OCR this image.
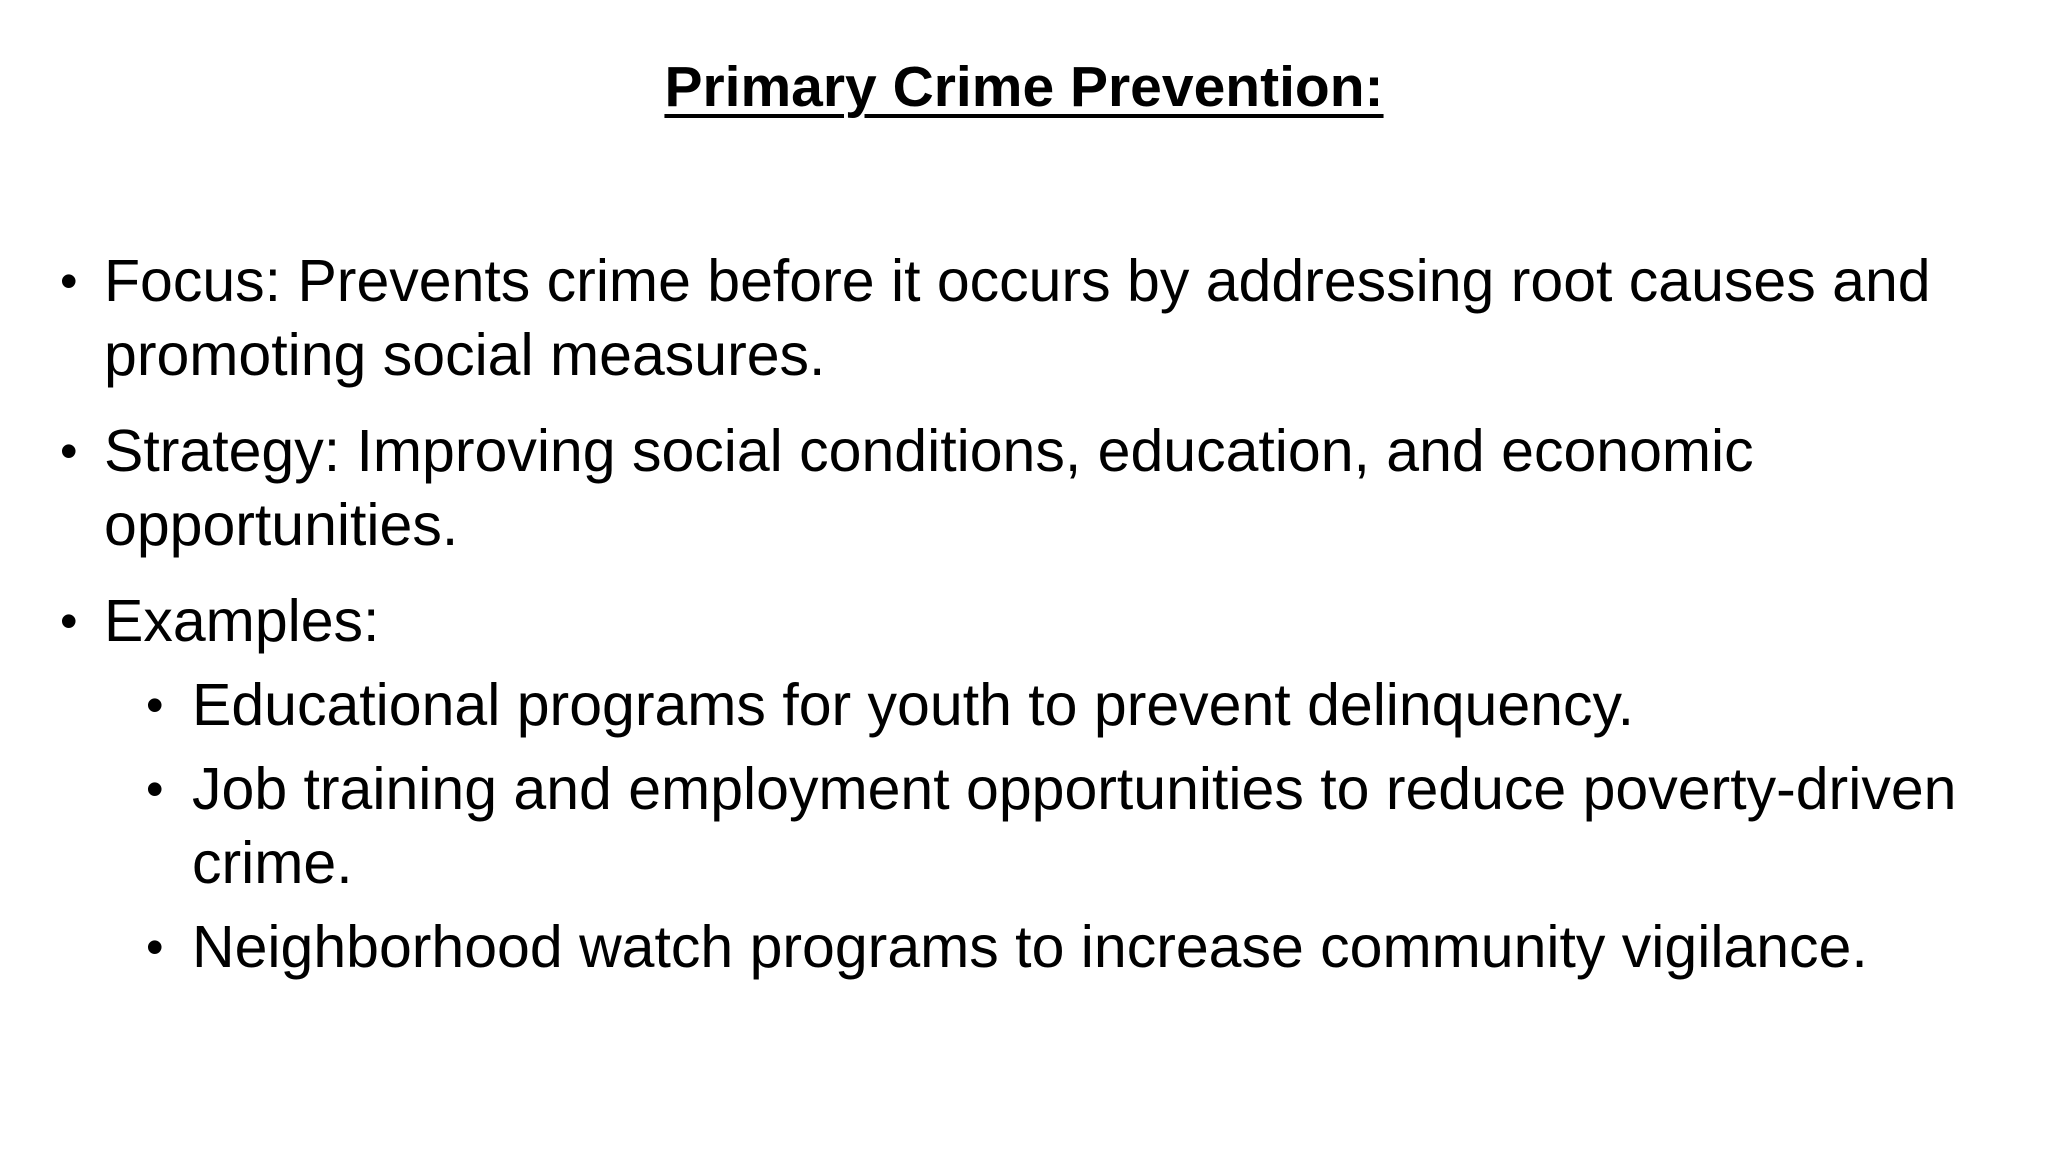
Primary Crime Prevention:
• Focus: Prevents crime before it occurs by addressing root causes and promoting social measures.
• Strategy: Improving social conditions, education, and economic opportunities.
• Examples:
• Educational programs for youth to prevent delinquency.
• Job training and employment opportunities to reduce poverty-driven crime.
• Neighborhood watch programs to increase community vigilance.
